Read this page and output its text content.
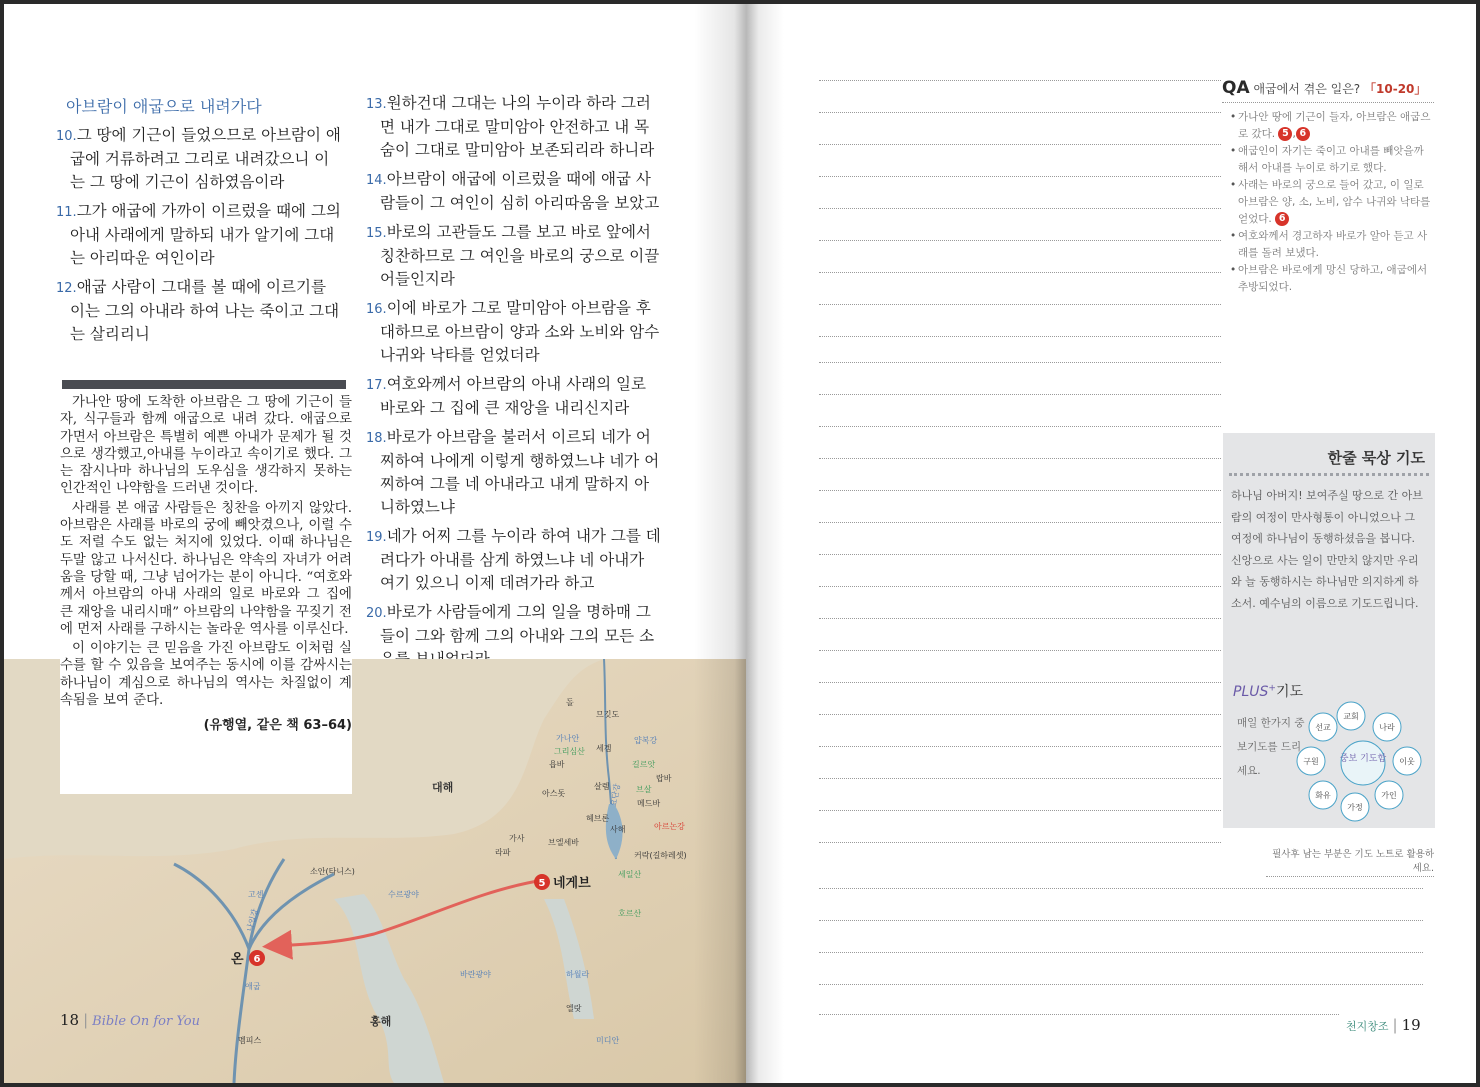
아브람이 애굽으로 내려가다
10.그 땅에 기근이 들었으므로 아브람이 애굽에 거류하려고 그리로 내려갔으니 이는 그 땅에 기근이 심하였음이라
11.그가 애굽에 가까이 이르렀을 때에 그의 아내 사래에게 말하되 내가 알기에 그대는 아리따운 여인이라
12.애굽 사람이 그대를 볼 때에 이르기를 이는 그의 아내라 하여 나는 죽이고 그대는 살리리니
13.원하건대 그대는 나의 누이라 하라 그러면 내가 그대로 말미암아 안전하고 내 목숨이 그대로 말미암아 보존되리라 하니라
14.아브람이 애굽에 이르렀을 때에 애굽 사람들이 그 여인이 심히 아리따움을 보았고
15.바로의 고관들도 그를 보고 바로 앞에서 칭찬하므로 그 여인을 바로의 궁으로 이끌어들인지라
16.이에 바로가 그로 말미암아 아브람을 후대하므로 아브람이 양과 소와 노비와 암수 나귀와 낙타를 얻었더라
17.여호와께서 아브람의 아내 사래의 일로 바로와 그 집에 큰 재앙을 내리신지라
18.바로가 아브람을 불러서 이르되 네가 어찌하여 나에게 이렇게 행하였느냐 네가 어찌하여 그를 네 아내라고 내게 말하지 아니하였느냐
19.네가 어찌 그를 누이라 하여 내가 그를 데려다가 아내를 삼게 하였느냐 네 아내가 여기 있으니 이제 데려가라 하고
20.바로가 사람들에게 그의 일을 명하매 그들이 그와 함께 그의 아내와 그의 모든 소
대해
홍해
돌
므깃도
가나안
그리심산 세겜
얍복강
욥바	길르앗
랍바
살렘	브살
아스돗
메드바
헤브론
사해	아르논강
가사	브엘세바
라파	커락(길하레셋)
소안(타니스)
수르광야
세일산
고센
호르산
바란광야	하월라
애굽
엘랏
멤피스	미디안
요단강
나일강
5 네게브
온 6

가나안 땅에 도착한 아브람은 그 땅에 기근이 들자, 식구들과 함께 애굽으로 내려 갔다. 애굽으로 가면서 아브람은 특별히 예쁜 아내가 문제가 될 것으로 생각했고,아내를 누이라고 속이기로 했다. 그는 잠시나마 하나님의 도우심을 생각하지 못하는 인간적인 나약함을 드러낸 것이다.

사래를 본 애굽 사람들은 칭찬을 아끼지 않았다. 아브람은 사래를 바로의 궁에 빼앗겼으나, 이럴 수도 저럴 수도 없는 처지에 있었다. 이때 하나님은 두말 않고 나서신다. 하나님은 약속의 자녀가 어려움을 당할 때, 그냥 넘어가는 분이 아니다. “여호와께서 아브람의 아내 사래의 일로 바로와 그 집에 큰 재앙을 내리시매” 아브람의 나약함을 꾸짖기 전에 먼저 사래를 구하시는 놀라운 역사를 이루신다.

이 이야기는 큰 믿음을 가진 아브람도 이처럼 실수를 할 수 있음을 보여주는 동시에 이를 감싸시는 하나님이 계심으로 하나님의 역사는 차질없이 계속됨을 보여 준다.

(유행열, 같은 책 63–64)
18 | Bible On for You
QA 애굽에서 겪은 일은? 「10-20」
• 가나안 땅에 기근이 들자, 아브람은 애굽으로 갔다. 5 , 6
• 애굽인이 자기는 죽이고 아내를 빼앗을까 해서 아내를 누이로 하기로 했다.
• 사래는 바로의 궁으로 들어 갔고, 이 일로 아브람은 양, 소, 노비, 암수 나귀와 낙타를 얻었다. 6
• 여호와께서 경고하자 바로가 알아 듣고 사래를 돌려 보냈다.
• 아브람은 바로에게 망신 당하고, 애굽에서 추방되었다.
한줄 묵상 기도
하나님 아버지! 보여주실 땅으로 간 아브람의 여정이 만사형통이 아니었으나 그 여정에 하나님이 동행하셨음을 봅니다. 신앙으로 사는 일이 만만치 않지만 우리와 늘 동행하시는 하나님만 의지하게 하소서. 예수님의 이름으로 기도드립니다.
PLUS+기도
매일 한가지 중보기도를 드리세요.
중보 기도함
교회
나라
이웃
가인
가정
화유
구원
선교
필사후 남는 부분은 기도 노트로 활용하세요.
천지창조 | 19
